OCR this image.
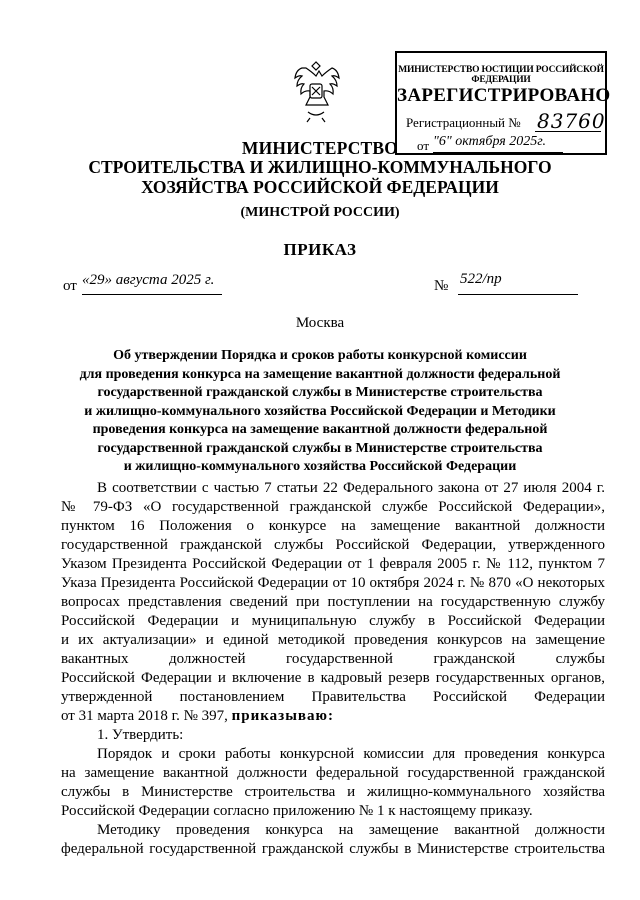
МИНИСТЕРСТВО ЮСТИЦИИ РОССИЙСКОЙ ФЕДЕРАЦИИ
ЗАРЕГИСТРИРОВАНО
Регистрационный № 83760
от "6" октября 2025г.
МИНИСТЕРСТВО
СТРОИТЕЛЬСТВА И ЖИЛИЩНО-КОММУНАЛЬНОГО
ХОЗЯЙСТВА РОССИЙСКОЙ ФЕДЕРАЦИИ
(МИНСТРОЙ РОССИИ)
ПРИКАЗ
от «29» августа 2025 г.	№ 522/пр
Москва
Об утверждении Порядка и сроков работы конкурсной комиссии
для проведения конкурса на замещение вакантной должности федеральной
государственной гражданской службы в Министерстве строительства
и жилищно-коммунального хозяйства Российской Федерации и Методики
проведения конкурса на замещение вакантной должности федеральной
государственной гражданской службы в Министерстве строительства
и жилищно-коммунального хозяйства Российской Федерации
В соответствии с частью 7 статьи 22 Федерального закона от 27 июля 2004 г.
№ 79-ФЗ «О государственной гражданской службе Российской Федерации»,
пунктом 16 Положения о конкурсе на замещение вакантной должности
государственной гражданской службы Российской Федерации, утвержденного
Указом Президента Российской Федерации от 1 февраля 2005 г. № 112, пунктом 7
Указа Президента Российской Федерации от 10 октября 2024 г. № 870 «О некоторых
вопросах представления сведений при поступлении на государственную службу
Российской Федерации и муниципальную службу в Российской Федерации
и их актуализации» и единой методикой проведения конкурсов на замещение
вакантных должностей государственной гражданской службы
Российской Федерации и включение в кадровый резерв государственных органов,
утвержденной постановлением Правительства Российской Федерации
от 31 марта 2018 г. № 397, приказываю:
1. Утвердить:
Порядок и сроки работы конкурсной комиссии для проведения конкурса
на замещение вакантной должности федеральной государственной гражданской
службы в Министерстве строительства и жилищно-коммунального хозяйства
Российской Федерации согласно приложению № 1 к настоящему приказу.
Методику проведения конкурса на замещение вакантной должности
федеральной государственной гражданской службы в Министерстве строительства
